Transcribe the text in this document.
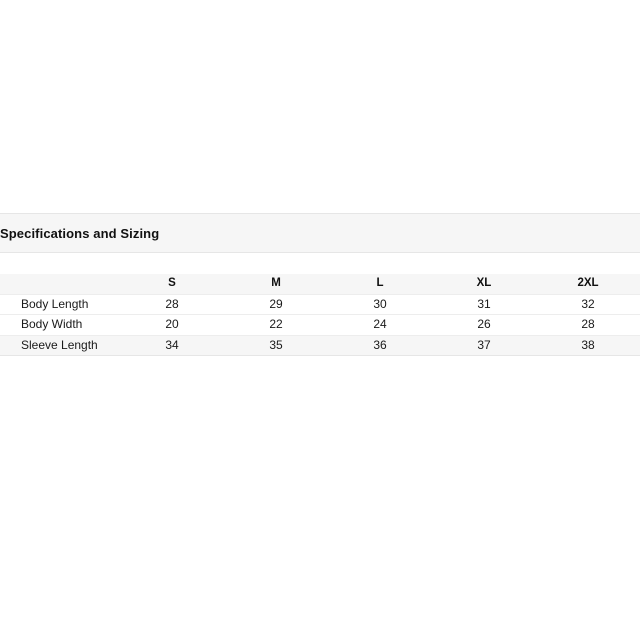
Specifications and Sizing
	S	M	L	XL	2XL
Body Length	28	29	30	31	32
Body Width	20	22	24	26	28
Sleeve Length	34	35	36	37	38
